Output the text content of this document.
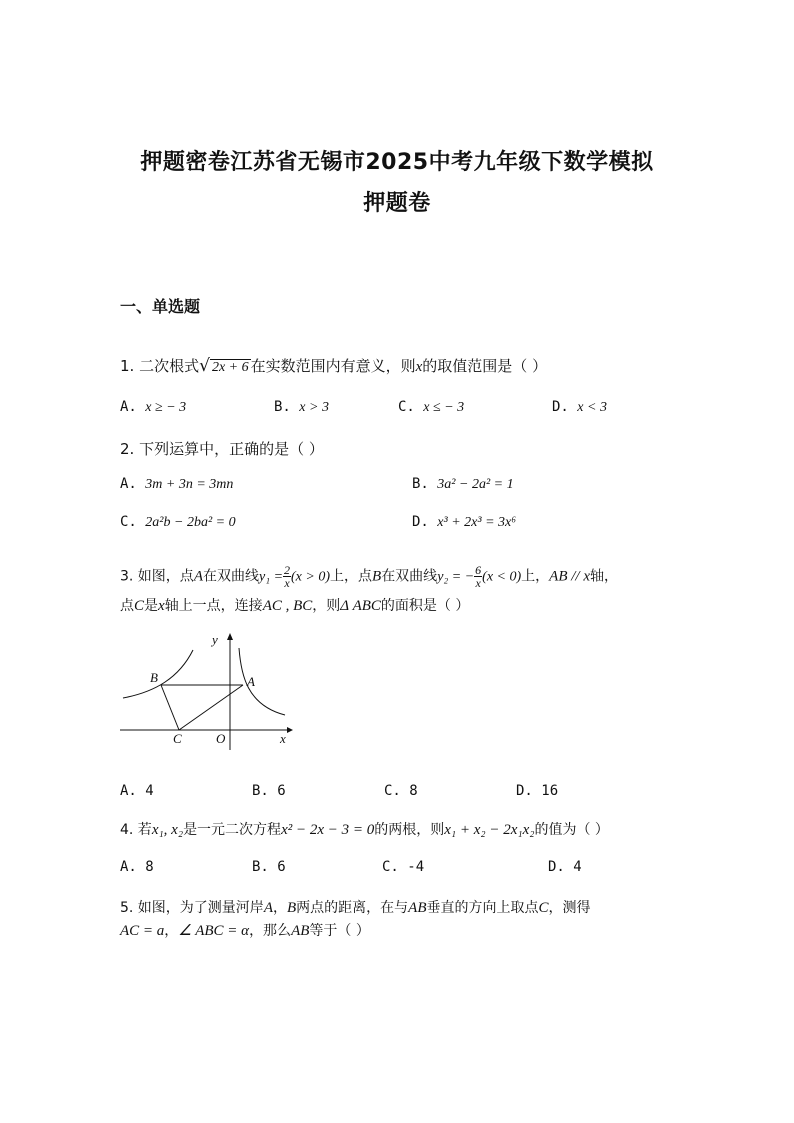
押题密卷江苏省无锡市2025中考九年级下数学模拟
押题卷
一、单选题
1. 二次根式√ 2x + 6 在实数范围内有意义，则x的取值范围是（ ）
A. x ≥ − 3	B. x > 3	C. x ≤ − 3	D. x < 3
2. 下列运算中，正确的是（ ）
A. 3m + 3n = 3mn	B. 3a² − 2a² = 1
C. 2a²b − 2ba² = 0	D. x³ + 2x³ = 3x⁶
3. 如图，点A在双曲线$y_1 = \frac{2}{x} (x > 0)$上，点B在双曲线y₂ = − $\frac{6}{x} (x < 0)$上，AB // x轴，
点C是x轴上一点，连接AC , BC，则Δ ABC的面积是（ ）
y
x
A
B
C	O
A. 4	B. 6	C. 8	D. 16
4. 若x₁, x₂是一元二次方程x² − 2x − 3 = 0的两根，则x₁ + x₂ − 2x₁x₂的值为（ ）
A. 8	B. 6	C. -4	D. 4
5. 如图，为了测量河岸A，B两点的距离，在与AB垂直的方向上取点C，测得
AC = a，∠ ABC = α，那么AB等于（ ）
